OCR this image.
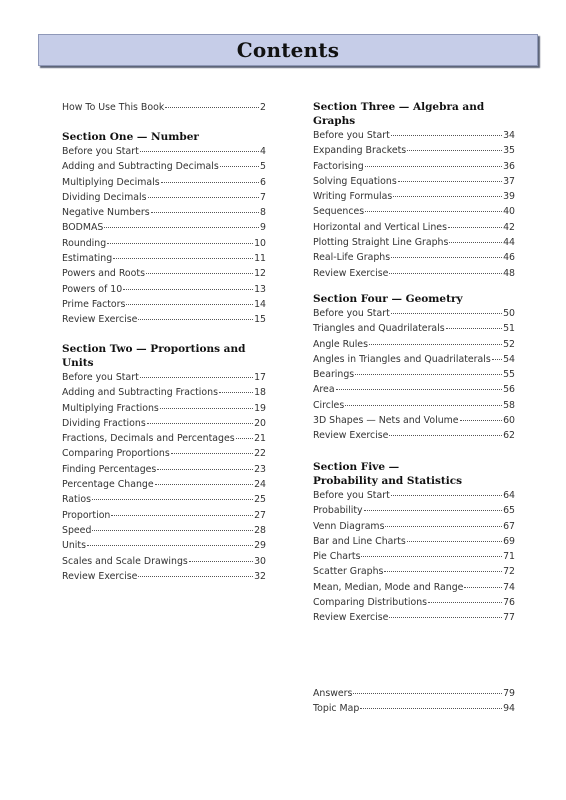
Contents
How To Use This Book	2
Section One — Number
Before you Start	4
Adding and Subtracting Decimals	5
Multiplying Decimals	6
Dividing Decimals	7
Negative Numbers	8
BODMAS	9
Rounding	10
Estimating	11
Powers and Roots	12
Powers of 10	13
Prime Factors	14
Review Exercise	15
Section Two — Proportions and Units
Before you Start	17
Adding and Subtracting Fractions	18
Multiplying Fractions	19
Dividing Fractions	20
Fractions, Decimals and Percentages 21
Comparing Proportions	22
Finding Percentages	23
Percentage Change	24
Ratios	25
Proportion	27
Speed	28
Units	29
Scales and Scale Drawings	30
Review Exercise	32
Section Three — Algebra and Graphs
Before you Start	34
Expanding Brackets	35
Factorising	36
Solving Equations	37
Writing Formulas	39
Sequences	40
Horizontal and Vertical Lines	42
Plotting Straight Line Graphs	44
Real-Life Graphs	46
Review Exercise	48
Section Four — Geometry
Before you Start	50
Triangles and Quadrilaterals	51
Angle Rules	52
Angles in Triangles and Quadrilaterals 54
Bearings	55
Area	56
Circles	58
3D Shapes — Nets and Volume	60
Review Exercise	62
Section Five —
Probability and Statistics
Before you Start	64
Probability	65
Venn Diagrams	67
Bar and Line Charts	69
Pie Charts	71
Scatter Graphs	72
Mean, Median, Mode and Range	74
Comparing Distributions	76
Review Exercise	77
Answers	79
Topic Map	94
